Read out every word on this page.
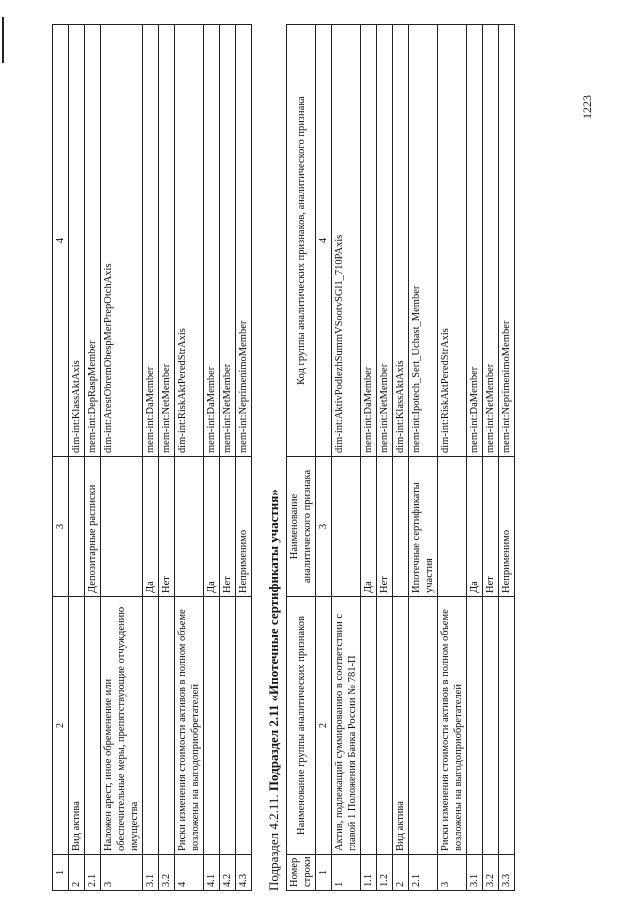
1223
1	2	3	4
2	Вид актива		dim-int:KlassAktAxis
2.1		Депозитарные расписки	mem-int:DepRaspMember
3	Наложен арест, иное обременение или обеспечительные меры, препятствующие отчуждению имущества		dim-int:ArestObremObespMerPrepOtchAxis
3.1		Да	mem-int:DaMember
3.2		Нет	mem-int:NetMember
4	Риски изменения стоимости активов в полном объеме возложены на выгодоприобретателей		dim-int:RiskAktPeredStrAxis
4.1		Да	mem-int:DaMember
4.2		Нет	mem-int:NetMember
4.3		Неприменимо	mem-int:NeprimenimoMember
Подраздел 4.2.11. Подраздел 2.11 «Ипотечные сертификаты участия»
Номер строки	Наименование группы аналитических признаков	Наименование аналитического признака	Код группы аналитических признаков, аналитического признака
1	2	3	4
1	Актив, подлежащий суммированию в соответствии с главой 1 Положения Банка России № 781-П		dim-int:AktivPodlezhSummVSootvSGl1_710PAxis
1.1		Да	mem-int:DaMember
1.2		Нет	mem-int:NetMember
2	Вид актива		dim-int:KlassAktAxis
2.1		Ипотечные сертификаты участия	mem-int:Ipotech_Sert_Uchast_Member
3	Риски изменения стоимости активов в полном объеме возложены на выгодоприобретателей		dim-int:RiskAktPeredStrAxis
3.1		Да	mem-int:DaMember
3.2		Нет	mem-int:NetMember
3.3		Неприменимо	mem-int:NeprimenimoMember
